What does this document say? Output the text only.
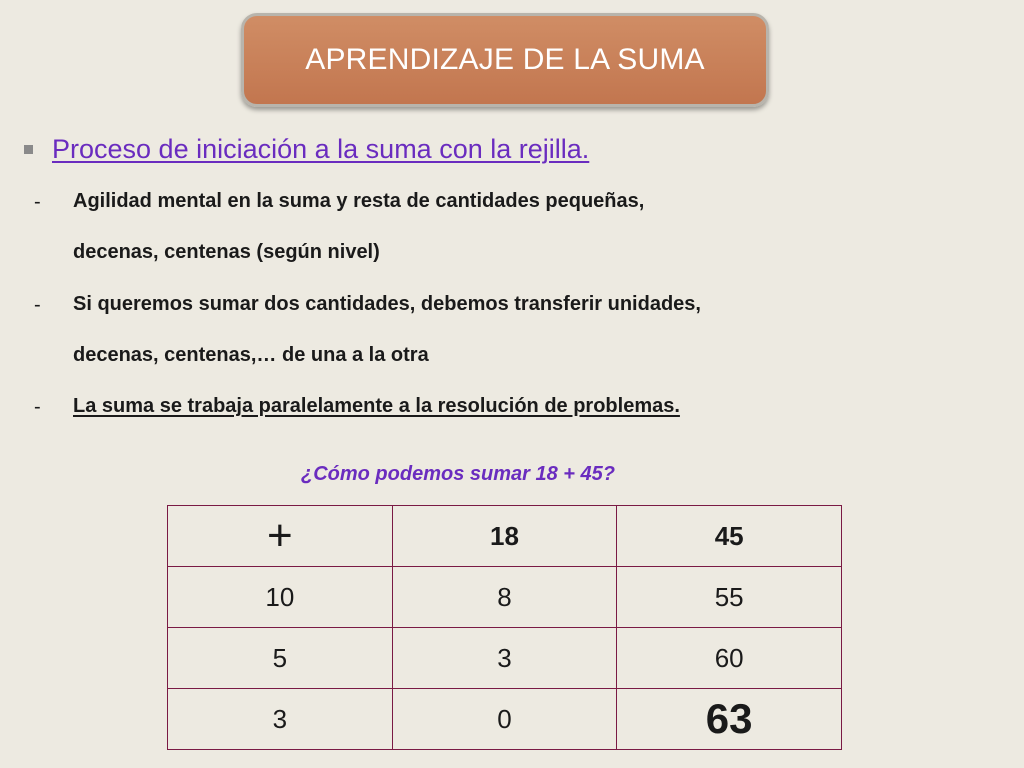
APRENDIZAJE DE LA SUMA
Proceso de iniciación a la suma con la rejilla.
- Agilidad mental en la suma y resta de cantidades pequeñas,
decenas, centenas (según nivel)
- Si queremos sumar dos cantidades, debemos transferir unidades,
decenas, centenas,… de una a la otra
- La suma se trabaja paralelamente a la resolución de problemas.
¿Cómo podemos sumar 18 + 45?
+	18	45
10	8	55
5	3	60
3	0	63
